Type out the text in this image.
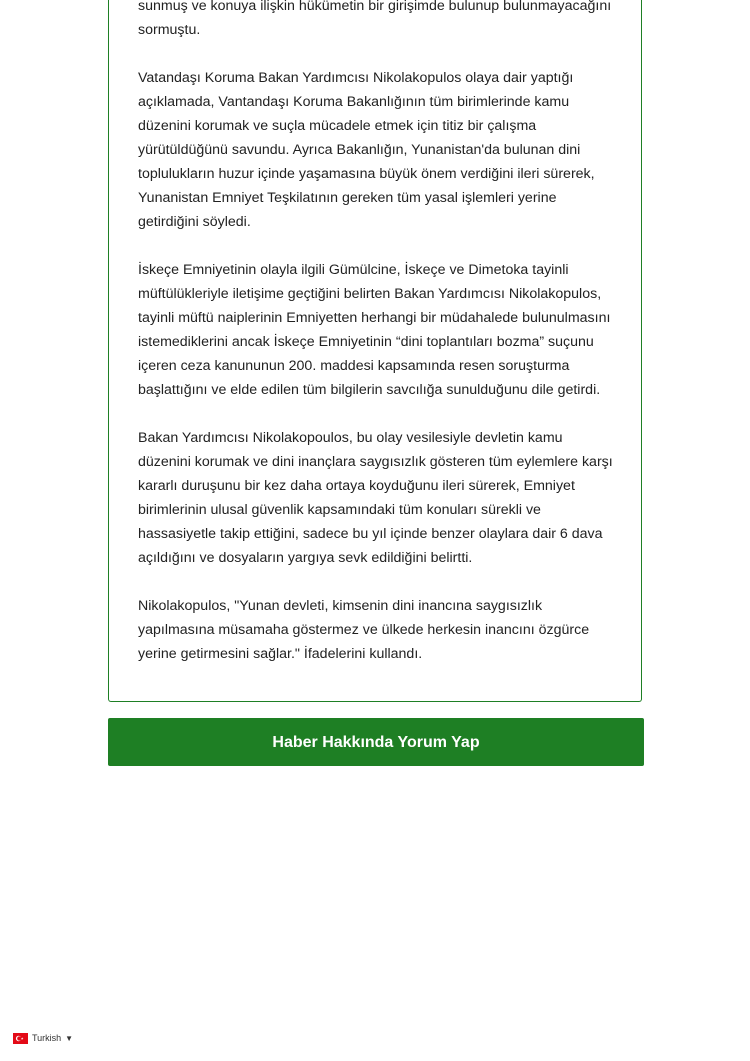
sunmuş ve konuya ilişkin hükümetin bir girişimde bulunup bulunmayacağını sormuştu.

Vatandaşı Koruma Bakan Yardımcısı Nikolakopulos olaya dair yaptığı açıklamada, Vantandaşı Koruma Bakanlığının tüm birimlerinde kamu düzenini korumak ve suçla mücadele etmek için titiz bir çalışma yürütüldüğünü savundu. Ayrıca Bakanlığın, Yunanistan'da bulunan dini toplulukların huzur içinde yaşamasına büyük önem verdiğini ileri sürerek, Yunanistan Emniyet Teşkilatının gereken tüm yasal işlemleri yerine getirdiğini söyledi.

İskeçe Emniyetinin olayla ilgili Gümülcine, İskeçe ve Dimetoka tayinli müftülükleriyle iletişime geçtiğini belirten Bakan Yardımcısı Nikolakopulos, tayinli müftü naiplerinin Emniyetten herhangi bir müdahalede bulunulmasını istemediklerini ancak İskeçe Emniyetinin “dini toplantıları bozma” suçunu içeren ceza kanununun 200. maddesi kapsamında resen soruşturma başlattığını ve elde edilen tüm bilgilerin savcılığa sunulduğunu dile getirdi.

Bakan Yardımcısı Nikolakopoulos, bu olay vesilesiyle devletin kamu düzenini korumak ve dini inançlara saygısızlık gösteren tüm eylemlere karşı kararlı duruşunu bir kez daha ortaya koyduğunu ileri sürerek, Emniyet birimlerinin ulusal güvenlik kapsamındaki tüm konuları sürekli ve hassasiyetle takip ettiğini, sadece bu yıl içinde benzer olaylara dair 6 dava açıldığını ve dosyaların yargıya sevk edildiğini belirtti.

Nikolakopulos, "Yunan devleti, kimsenin dini inancına saygısızlık yapılmasına müsamaha göstermez ve ülkede herkesin inancını özgürce yerine getirmesini sağlar." İfadelerini kullandı.

Haber Hakkında Yorum Yap
Turkish ▼
